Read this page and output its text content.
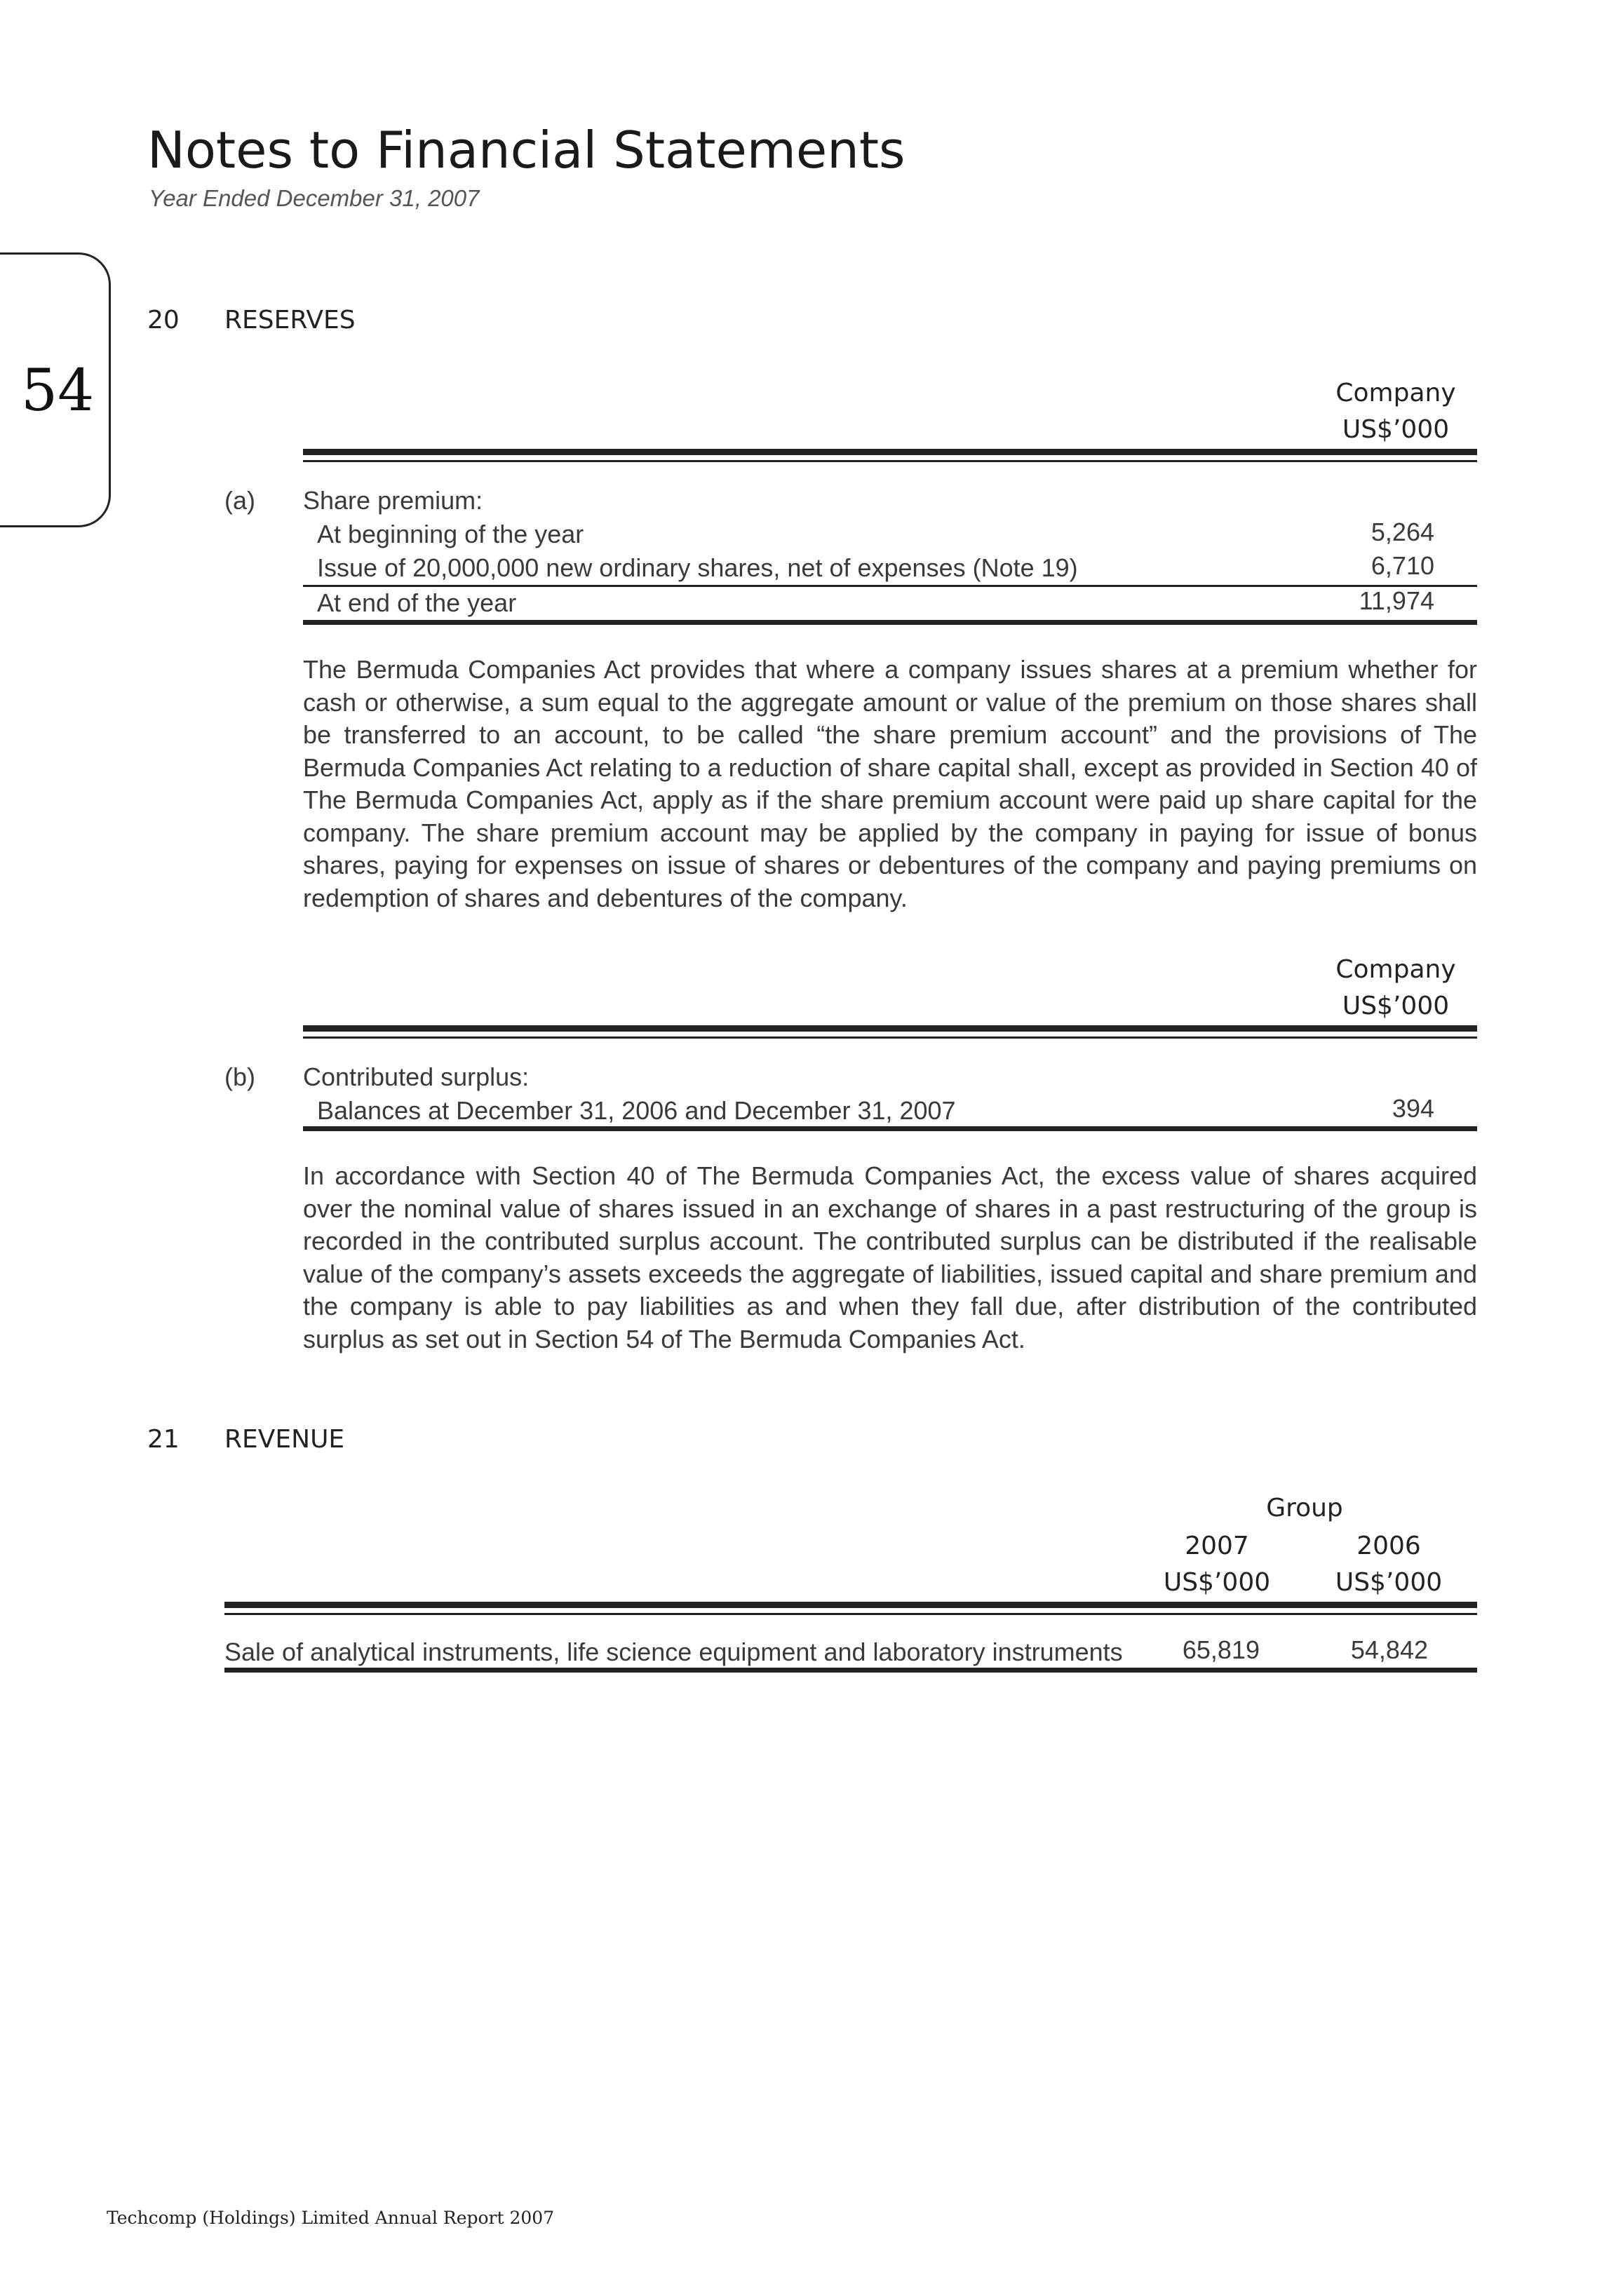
Notes to Financial Statements
Year Ended December 31, 2007
54
20 RESERVES
Company
US$’000
(a) Share premium:
At beginning of the year	5,264
Issue of 20,000,000 new ordinary shares, net of expenses (Note 19)	6,710
At end of the year	11,974
The Bermuda Companies Act provides that where a company issues shares at a premium whether for cash or otherwise, a sum equal to the aggregate amount or value of the premium on those shares shall be transferred to an account, to be called “the share premium account” and the provisions of The Bermuda Companies Act relating to a reduction of share capital shall, except as provided in Section 40 of The Bermuda Companies Act, apply as if the share premium account were paid up share capital for the company. The share premium account may be applied by the company in paying for issue of bonus shares, paying for expenses on issue of shares or debentures of the company and paying premiums on redemption of shares and debentures of the company.
Company
US$’000
(b) Contributed surplus:
Balances at December 31, 2006 and December 31, 2007	394
In accordance with Section 40 of The Bermuda Companies Act, the excess value of shares acquired over the nominal value of shares issued in an exchange of shares in a past restructuring of the group is recorded in the contributed surplus account. The contributed surplus can be distributed if the realisable value of the company’s assets exceeds the aggregate of liabilities, issued capital and share premium and the company is able to pay liabilities as and when they fall due, after distribution of the contributed surplus as set out in Section 54 of The Bermuda Companies Act.
21 REVENUE
Group
2007	2006
US$’000	US$’000
Sale of analytical instruments, life science equipment and laboratory instruments	65,819	54,842
Techcomp (Holdings) Limited Annual Report 2007
